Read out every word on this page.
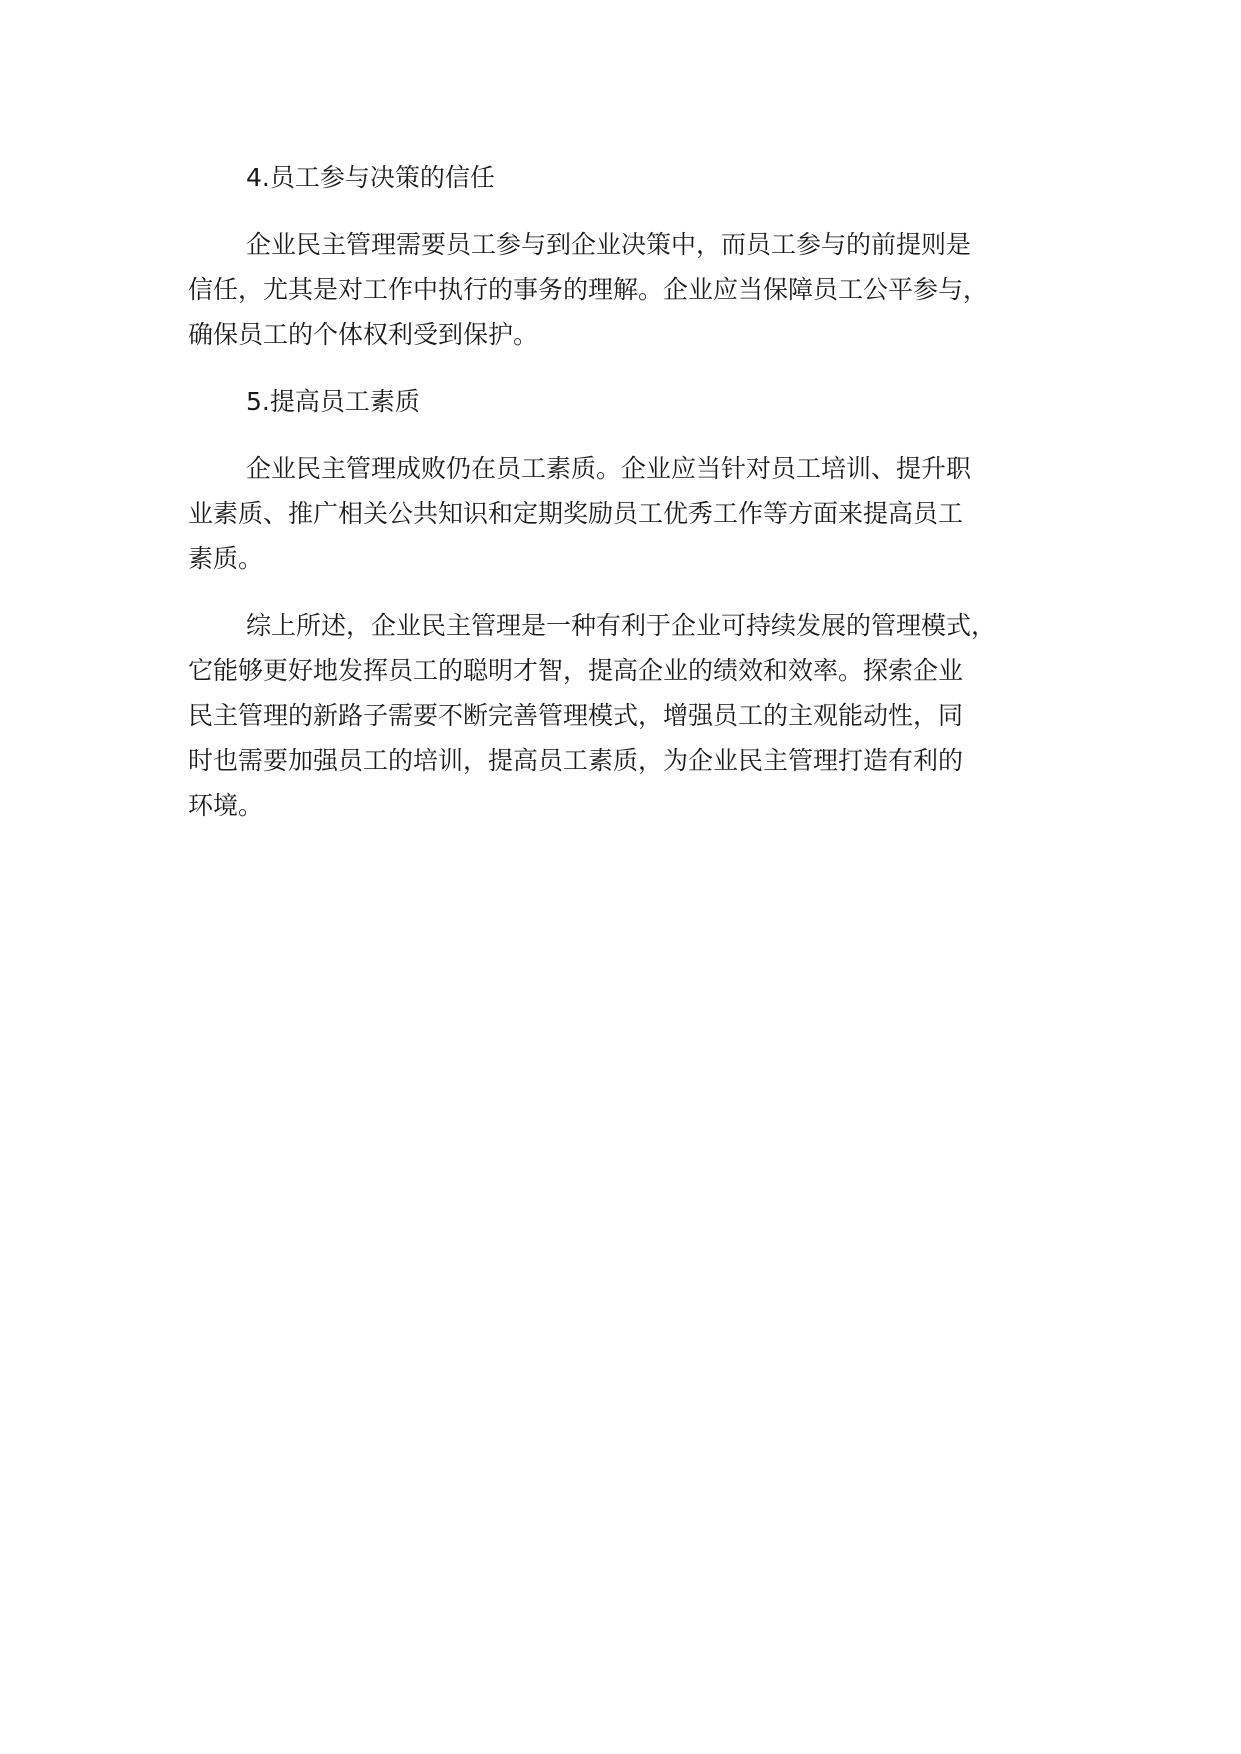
4.员工参与决策的信任
企业民主管理需要员工参与到企业决策中，而员工参与的前提则是
信任，尤其是对工作中执行的事务的理解。企业应当保障员工公平参与，
确保员工的个体权利受到保护。
5.提高员工素质
企业民主管理成败仍在员工素质。企业应当针对员工培训、提升职
业素质、推广相关公共知识和定期奖励员工优秀工作等方面来提高员工
素质。
综上所述，企业民主管理是一种有利于企业可持续发展的管理模式，
它能够更好地发挥员工的聪明才智，提高企业的绩效和效率。探索企业
民主管理的新路子需要不断完善管理模式，增强员工的主观能动性，同
时也需要加强员工的培训，提高员工素质，为企业民主管理打造有利的
环境。
